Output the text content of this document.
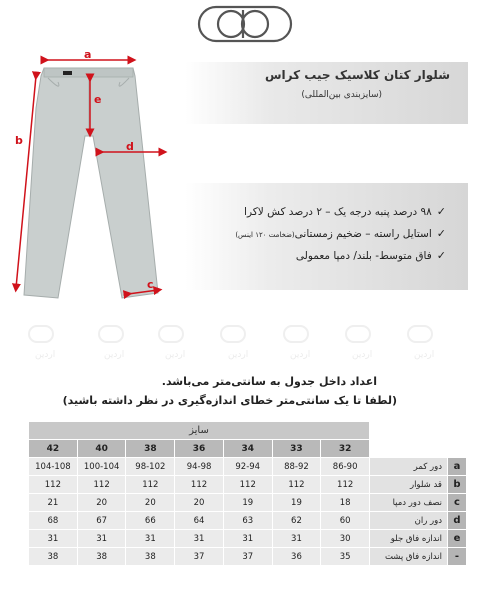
a
b
e
d
c
شلوار کتان کلاسیک جیب کراس
(سایزبندی بین‌المللی)
✓۹۸ درصد پنبه درجه یک – ۲ درصد کش لاکرا
✓استایل راسته – ضخیم زمستانی(ضخامت ۱۲۰ اینس)
✓فاق متوسط- بلند/ دمپا معمولی
اردین	اردین	اردین	اردین	اردین	اردین	اردین
اعداد داخل جدول به سانتی‌متر می‌باشد.
(لطفا تا یک سانتی‌متر خطای اندازه‌گیری در نظر داشته باشید)
		سایز						
		32	33	34	36	38	40	42
a	دور کمر	86-90	88-92	92-94	94-98	98-102	100-104	104-108
b	قد شلوار	112	112	112	112	112	112	112
c	نصف دور دمپا	18	19	19	20	20	20	21
d	دور ران	60	62	63	64	66	67	68
e	اندازه فاق جلو	30	31	31	31	31	31	31
-	اندازه فاق پشت	35	36	37	37	38	38	38
